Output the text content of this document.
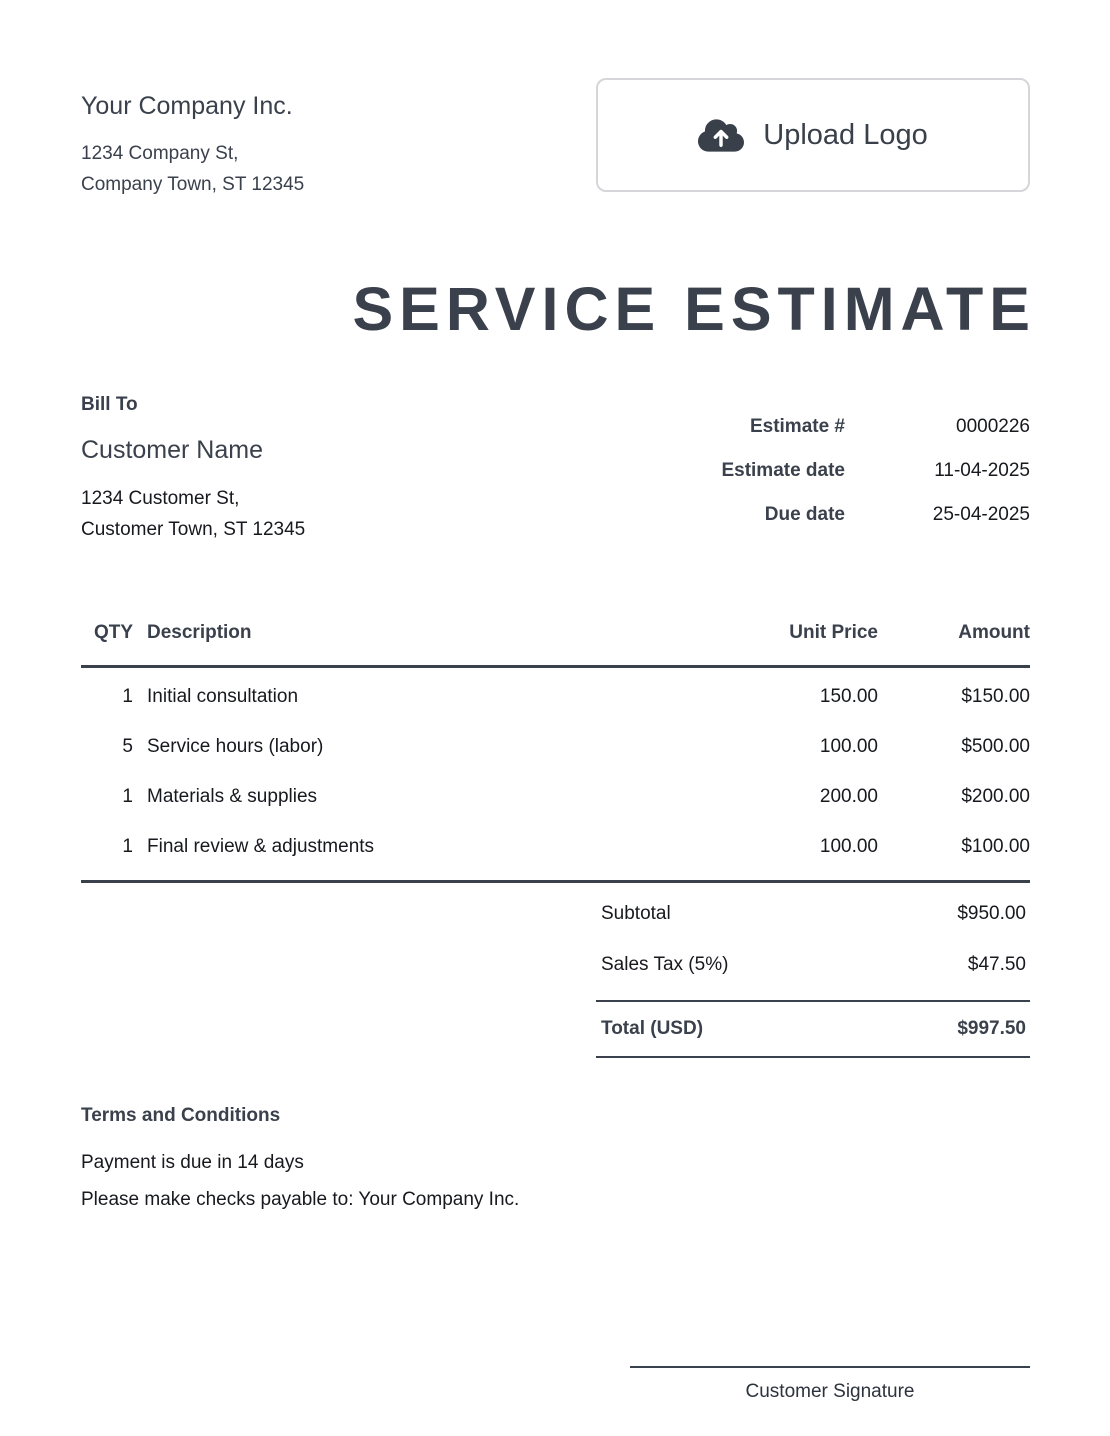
Your Company Inc.
1234 Company St,
Company Town, ST 12345
Upload Logo
SERVICE ESTIMATE
Bill To
Customer Name
1234 Customer St,
Customer Town, ST 12345
Estimate #	0000226
Estimate date	11-04-2025
Due date	25-04-2025
QTY	Description	Unit Price	Amount
1	Initial consultation	150.00	$150.00
5	Service hours (labor)	100.00	$500.00
1	Materials & supplies	200.00	$200.00
1	Final review & adjustments	100.00	$100.00
Subtotal	$950.00
Sales Tax (5%)	$47.50
Total (USD)	$997.50
Terms and Conditions
Payment is due in 14 days
Please make checks payable to: Your Company Inc.
Customer Signature
